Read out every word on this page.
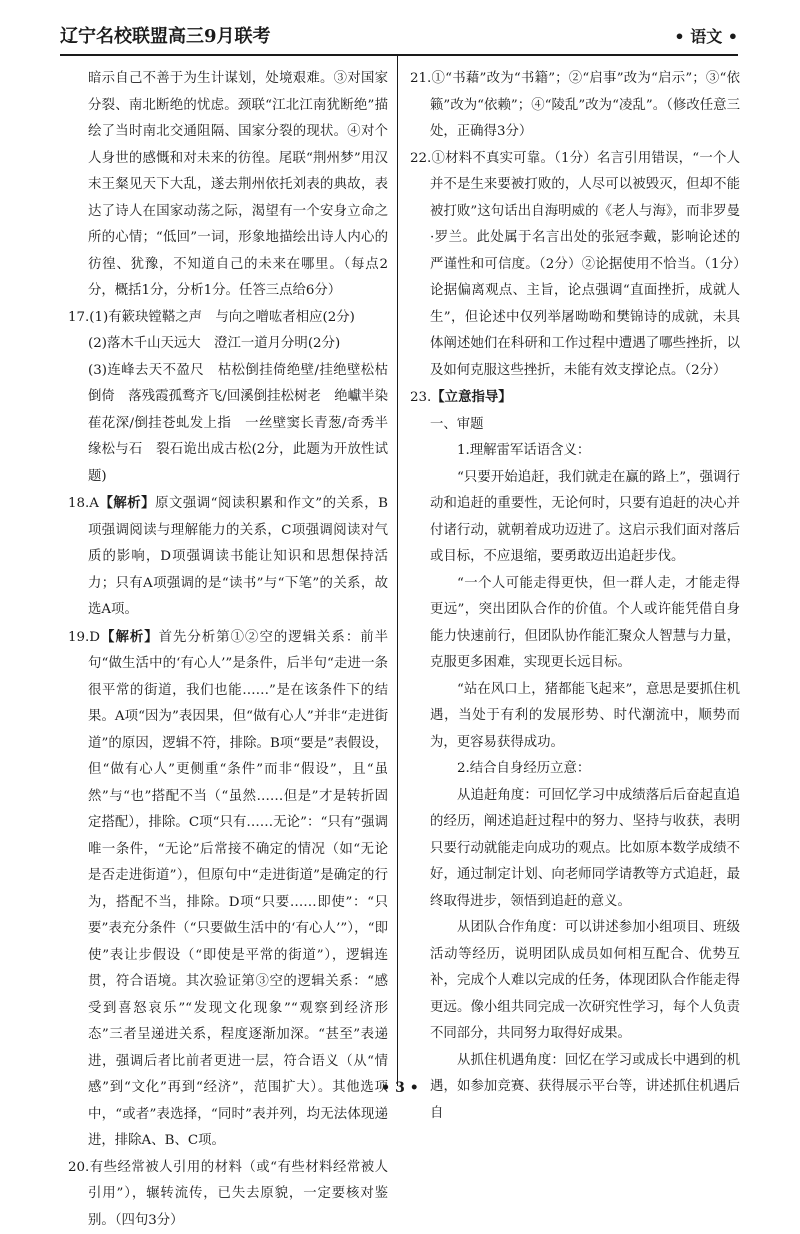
辽宁名校联盟高三9月联考	• 语文 •

暗示自己不善于为生计谋划，处境艰难。③对国家分裂、南北断绝的忧虑。颈联“江北江南犹断绝”描绘了当时南北交通阻隔、国家分裂的现状。④对个人身世的感慨和对未来的彷徨。尾联“荆州梦”用汉末王粲见天下大乱，遂去荆州依托刘表的典故，表达了诗人在国家动荡之际，渴望有一个安身立命之所的心情；“低回”一词，形象地描绘出诗人内心的彷徨、犹豫，不知道自己的未来在哪里。（每点2分，概括1分，分析1分。任答三点给6分）

17.(1)有簌玦镗鞳之声　与向之噌吰者相应(2分)

(2)落木千山天远大　澄江一道月分明(2分)

(3)连峰去天不盈尺　枯松倒挂倚绝壁/挂绝壁松枯倒倚　落残霞孤鹜齐飞/回溪倒挂松树老　绝巘半染萑花深/倒挂苍虬发上指　一丝壁窦长青葱/奇秀半缘松与石　裂石诡出成古松(2分，此题为开放性试题)

18.A【解析】原文强调“阅读积累和作文”的关系，B项强调阅读与理解能力的关系，C项强调阅读对气质的影响，D项强调读书能让知识和思想保持活力；只有A项强调的是“读书”与“下笔”的关系，故选A项。

19.D【解析】首先分析第①②空的逻辑关系：前半句“做生活中的‘有心人’”是条件，后半句“走进一条很平常的街道，我们也能……”是在该条件下的结果。A项“因为”表因果，但“做有心人”并非“走进街道”的原因，逻辑不符，排除。B项“要是”表假设，但“做有心人”更侧重“条件”而非“假设”，且“虽然”与“也”搭配不当（“虽然……但是”才是转折固定搭配），排除。C项“只有……无论”：“只有”强调唯一条件，“无论”后常接不确定的情况（如“无论是否走进街道”），但原句中“走进街道”是确定的行为，搭配不当，排除。D项“只要……即使”：“只要”表充分条件（“只要做生活中的‘有心人’”），“即使”表让步假设（“即使是平常的街道”），逻辑连贯，符合语境。其次验证第③空的逻辑关系：“感受到喜怒哀乐”“发现文化现象”“观察到经济形态”三者呈递进关系，程度逐渐加深。“甚至”表递进，强调后者比前者更进一层，符合语义（从“情感”到“文化”再到“经济”，范围扩大）。其他选项中，“或者”表选择，“同时”表并列，均无法体现递进，排除A、B、C项。

20.有些经常被人引用的材料（或“有些材料经常被人引用”），辗转流传，已失去原貌，一定要核对鉴别。（四句3分）

21.①“书藉”改为“书籍”；②“启事”改为“启示”；③“依籁”改为“依赖”；④“陵乱”改为“凌乱”。（修改任意三处，正确得3分）

22.①材料不真实可靠。（1分）名言引用错误，“一个人并不是生来要被打败的，人尽可以被毁灭，但却不能被打败”这句话出自海明威的《老人与海》，而非罗曼·罗兰。此处属于名言出处的张冠李戴，影响论述的严谨性和可信度。（2分）②论据使用不恰当。（1分）论据偏离观点、主旨，论点强调“直面挫折，成就人生”，但论述中仅列举屠呦呦和樊锦诗的成就，未具体阐述她们在科研和工作过程中遭遇了哪些挫折，以及如何克服这些挫折，未能有效支撑论点。（2分）

23.【立意指导】

一、审题

1.理解雷军话语含义：

“只要开始追赶，我们就走在赢的路上”，强调行动和追赶的重要性，无论何时，只要有追赶的决心并付诸行动，就朝着成功迈进了。这启示我们面对落后或目标，不应退缩，要勇敢迈出追赶步伐。

“一个人可能走得更快，但一群人走，才能走得更远”，突出团队合作的价值。个人或许能凭借自身能力快速前行，但团队协作能汇聚众人智慧与力量，克服更多困难，实现更长远目标。

“站在风口上，猪都能飞起来”，意思是要抓住机遇，当处于有利的发展形势、时代潮流中，顺势而为，更容易获得成功。

2.结合自身经历立意：

从追赶角度：可回忆学习中成绩落后后奋起直追的经历，阐述追赶过程中的努力、坚持与收获，表明只要行动就能走向成功的观点。比如原本数学成绩不好，通过制定计划、向老师同学请教等方式追赶，最终取得进步，领悟到追赶的意义。

从团队合作角度：可以讲述参加小组项目、班级活动等经历，说明团队成员如何相互配合、优势互补，完成个人难以完成的任务，体现团队合作能走得更远。像小组共同完成一次研究性学习，每个人负责不同部分，共同努力取得好成果。

从抓住机遇角度：回忆在学习或成长中遇到的机遇，如参加竞赛、获得展示平台等，讲述抓住机遇后自

• 3 •
